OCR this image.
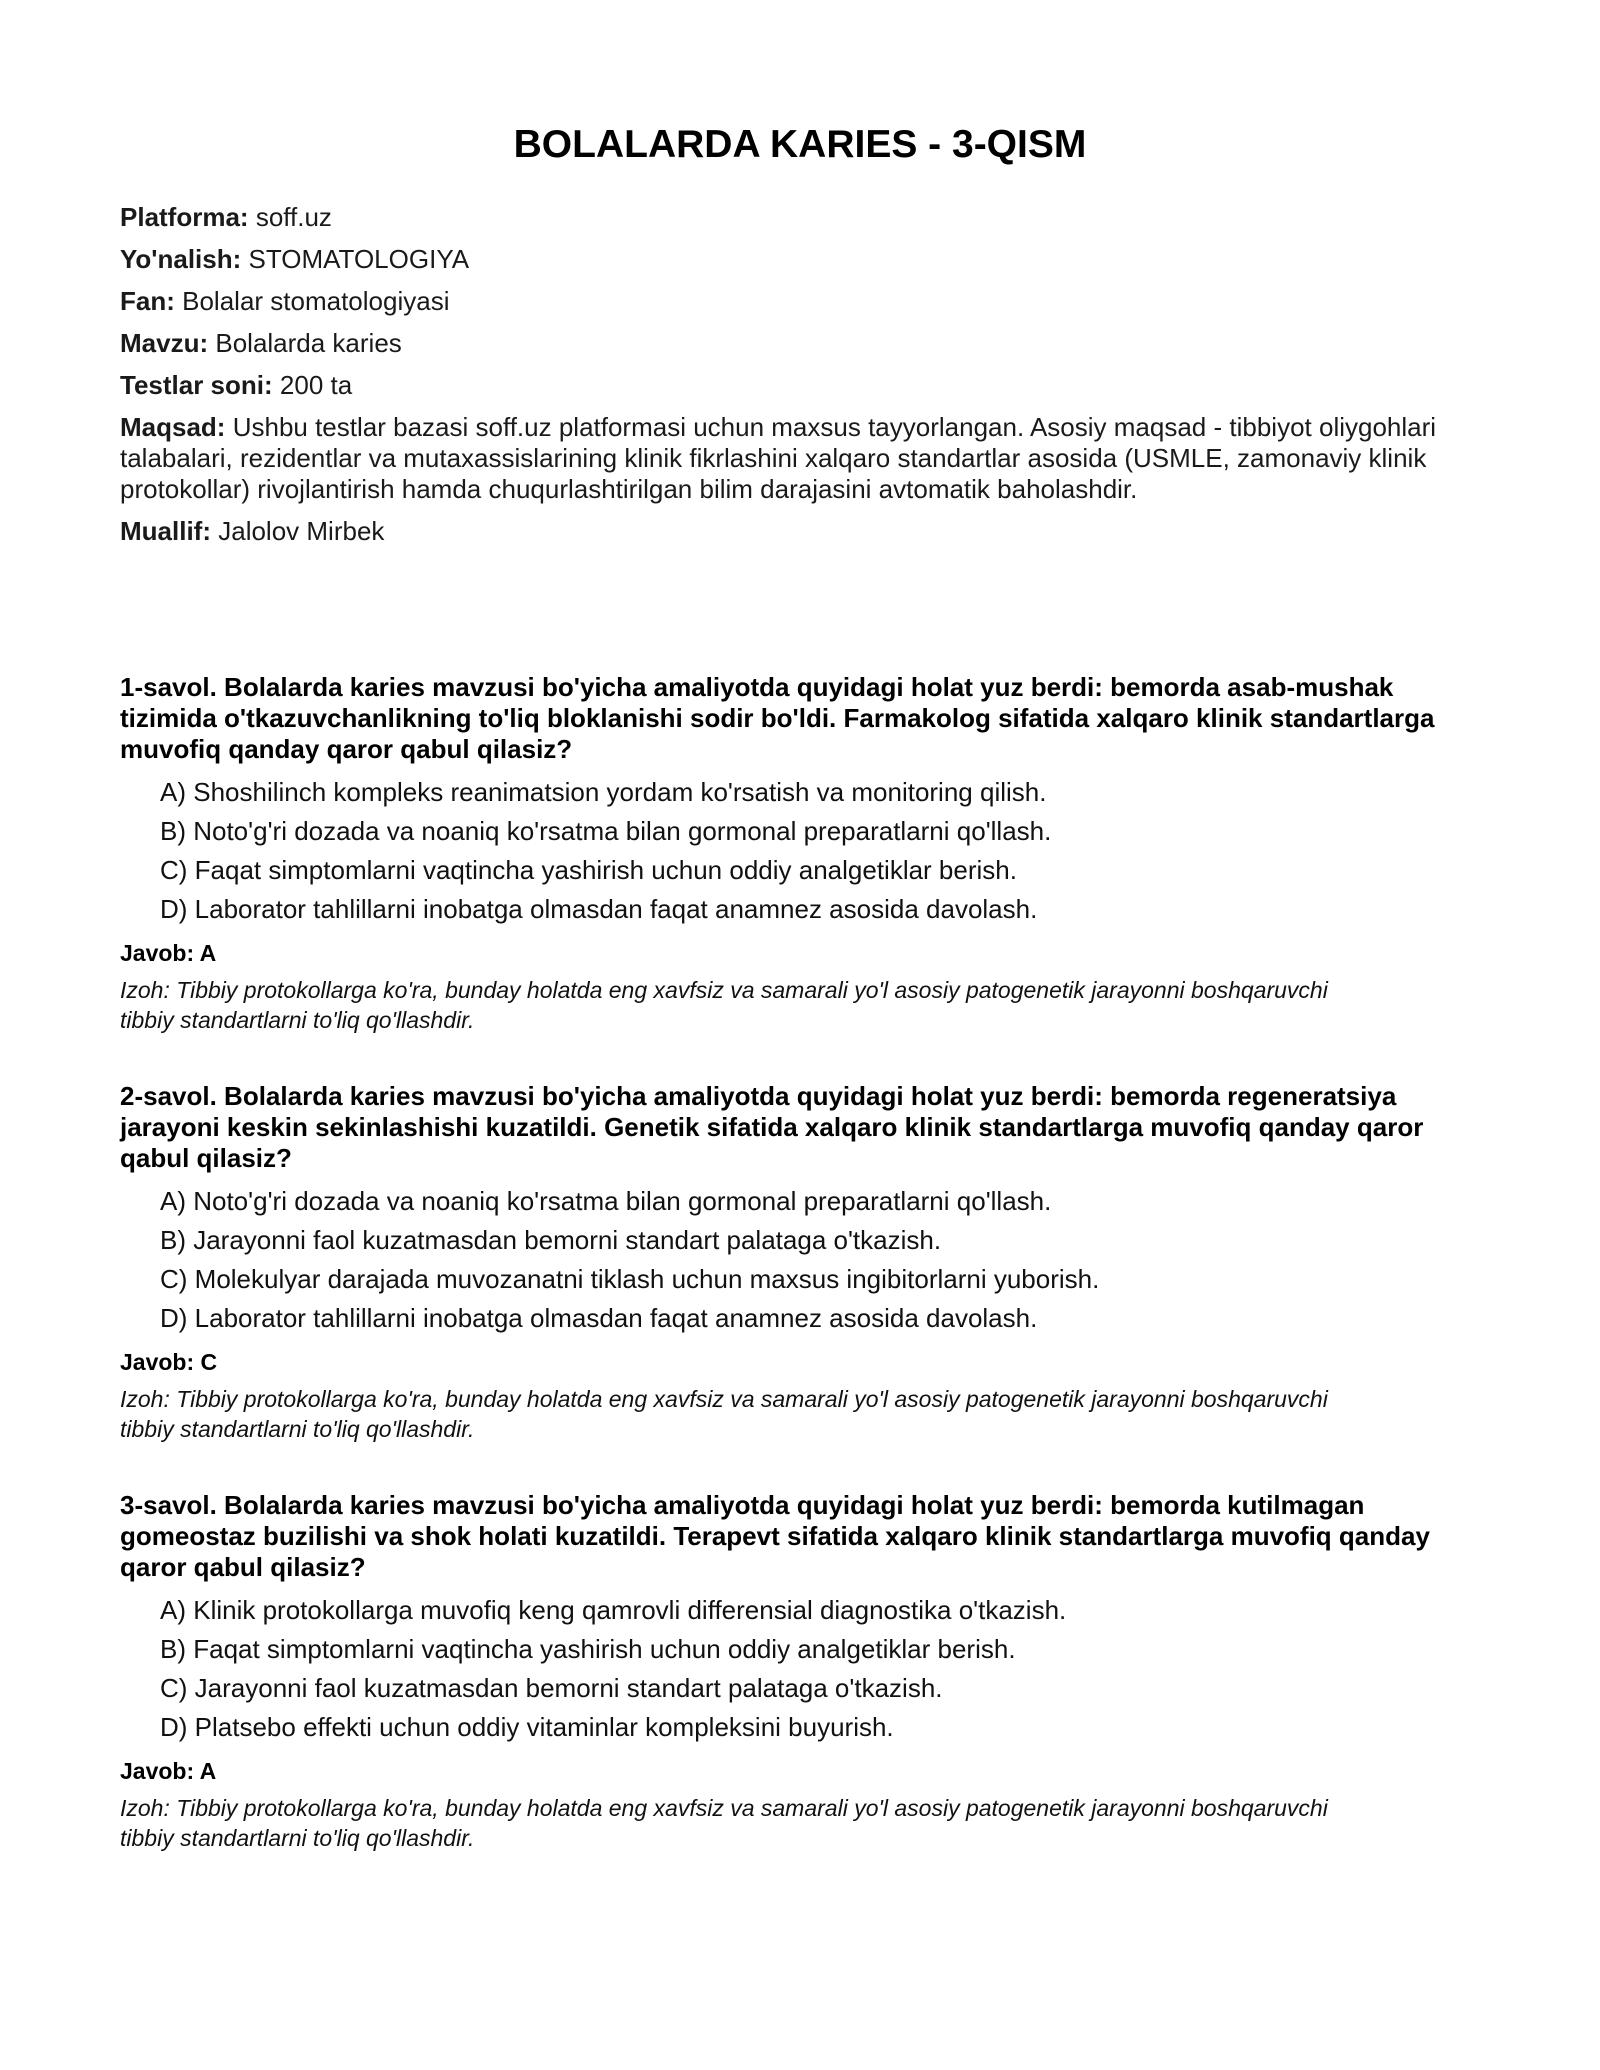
BOLALARDA KARIES - 3-QISM

Platforma: soff.uz

Yo'nalish: STOMATOLOGIYA

Fan: Bolalar stomatologiyasi

Mavzu: Bolalarda karies

Testlar soni: 200 ta

Maqsad: Ushbu testlar bazasi soff.uz platformasi uchun maxsus tayyorlangan. Asosiy maqsad - tibbiyot oliygohlari talabalari, rezidentlar va mutaxassislarining klinik fikrlashini xalqaro standartlar asosida (USMLE, zamonaviy klinik protokollar) rivojlantirish hamda chuqurlashtirilgan bilim darajasini avtomatik baholashdir.

Muallif: Jalolov Mirbek

1-savol. Bolalarda karies mavzusi bo'yicha amaliyotda quyidagi holat yuz berdi: bemorda asab-mushak tizimida o'tkazuvchanlikning to'liq bloklanishi sodir bo'ldi. Farmakolog sifatida xalqaro klinik standartlarga muvofiq qanday qaror qabul qilasiz?

A) Shoshilinch kompleks reanimatsion yordam ko'rsatish va monitoring qilish.
B) Noto'g'ri dozada va noaniq ko'rsatma bilan gormonal preparatlarni qo'llash.
C) Faqat simptomlarni vaqtincha yashirish uchun oddiy analgetiklar berish.
D) Laborator tahlillarni inobatga olmasdan faqat anamnez asosida davolash.

Javob: A

Izoh: Tibbiy protokollarga ko'ra, bunday holatda eng xavfsiz va samarali yo'l asosiy patogenetik jarayonni boshqaruvchi tibbiy standartlarni to'liq qo'llashdir.

2-savol. Bolalarda karies mavzusi bo'yicha amaliyotda quyidagi holat yuz berdi: bemorda regeneratsiya jarayoni keskin sekinlashishi kuzatildi. Genetik sifatida xalqaro klinik standartlarga muvofiq qanday qaror qabul qilasiz?

A) Noto'g'ri dozada va noaniq ko'rsatma bilan gormonal preparatlarni qo'llash.
B) Jarayonni faol kuzatmasdan bemorni standart palataga o'tkazish.
C) Molekulyar darajada muvozanatni tiklash uchun maxsus ingibitorlarni yuborish.
D) Laborator tahlillarni inobatga olmasdan faqat anamnez asosida davolash.

Javob: C

Izoh: Tibbiy protokollarga ko'ra, bunday holatda eng xavfsiz va samarali yo'l asosiy patogenetik jarayonni boshqaruvchi tibbiy standartlarni to'liq qo'llashdir.

3-savol. Bolalarda karies mavzusi bo'yicha amaliyotda quyidagi holat yuz berdi: bemorda kutilmagan gomeostaz buzilishi va shok holati kuzatildi. Terapevt sifatida xalqaro klinik standartlarga muvofiq qanday qaror qabul qilasiz?

A) Klinik protokollarga muvofiq keng qamrovli differensial diagnostika o'tkazish.
B) Faqat simptomlarni vaqtincha yashirish uchun oddiy analgetiklar berish.
C) Jarayonni faol kuzatmasdan bemorni standart palataga o'tkazish.
D) Platsebo effekti uchun oddiy vitaminlar kompleksini buyurish.

Javob: A

Izoh: Tibbiy protokollarga ko'ra, bunday holatda eng xavfsiz va samarali yo'l asosiy patogenetik jarayonni boshqaruvchi tibbiy standartlarni to'liq qo'llashdir.
